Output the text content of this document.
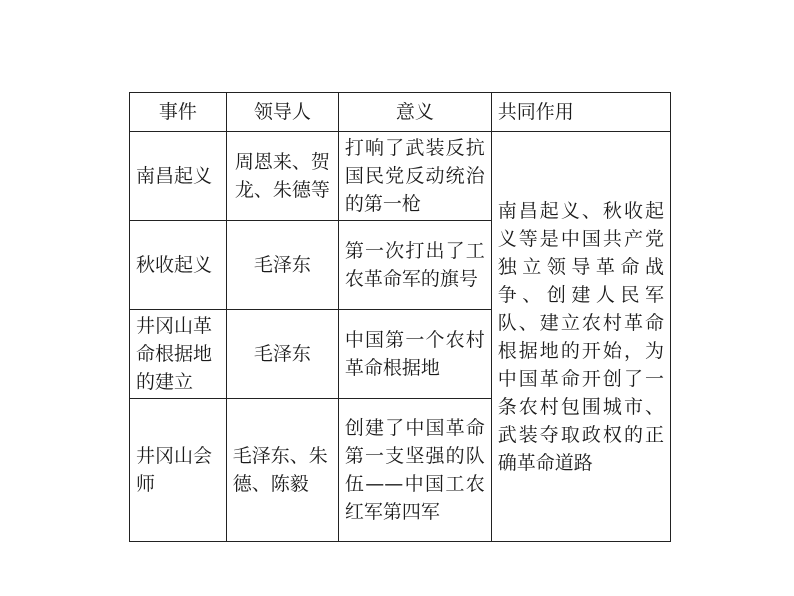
事件	领导人	意义	共同作用
南昌起义	周恩来、贺龙、朱德等	打响了武装反抗国民党反动统治的第一枪	南昌起义、秋收起义等是中国共产党独立领导革命战争、创建人民军队、建立农村革命根据地的开始，为中国革命开创了一条农村包围城市、武装夺取政权的正确革命道路
秋收起义	毛泽东	第一次打出了工农革命军的旗号	
井冈山革命根据地的建立	毛泽东	中国第一个农村革命根据地	
井冈山会师	毛泽东、朱德、陈毅	创建了中国革命第一支坚强的队伍——中国工农红军第四军	
